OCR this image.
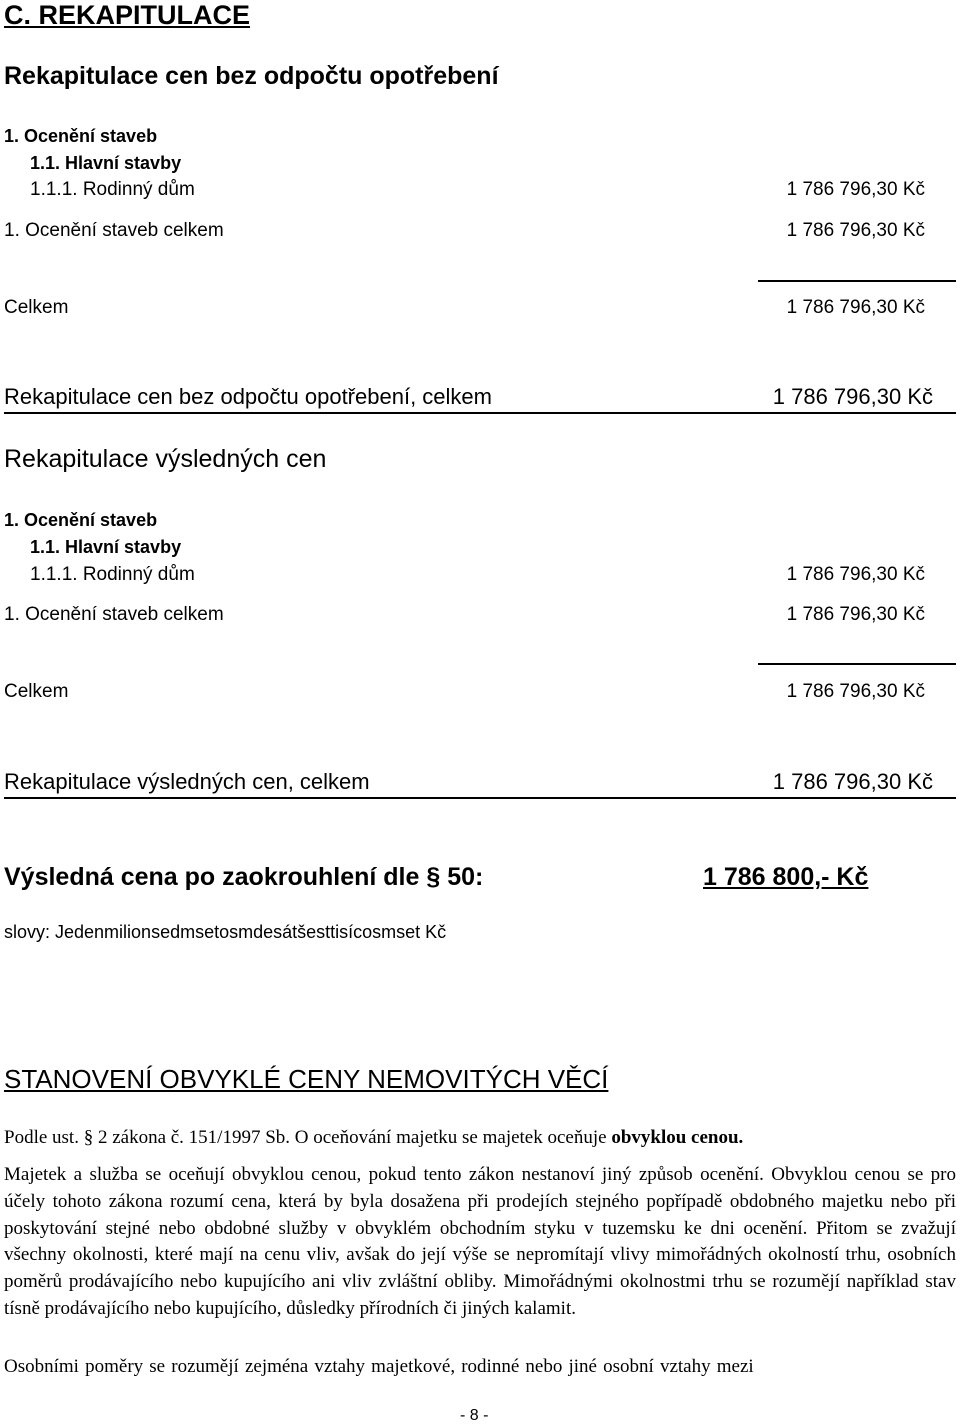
C. REKAPITULACE
Rekapitulace cen bez odpočtu opotřebení
1. Ocenění staveb
1.1. Hlavní stavby
1.1.1. Rodinný dům	1 786 796,30 Kč
1. Ocenění staveb celkem	1 786 796,30 Kč
Celkem	1 786 796,30 Kč
Rekapitulace cen bez odpočtu opotřebení, celkem	1 786 796,30 Kč
Rekapitulace výsledných cen
1. Ocenění staveb
1.1. Hlavní stavby
1.1.1. Rodinný dům	1 786 796,30 Kč
1. Ocenění staveb celkem	1 786 796,30 Kč
Celkem	1 786 796,30 Kč
Rekapitulace výsledných cen, celkem	1 786 796,30 Kč
Výsledná cena po zaokrouhlení dle § 50:	1 786 800,- Kč
slovy: Jedenmilionsedmsetosmdesátšesttisícosmset Kč
STANOVENÍ OBVYKLÉ CENY NEMOVITÝCH VĚCÍ
Podle ust. § 2 zákona č. 151/1997 Sb. O oceňování majetku se majetek oceňuje obvyklou cenou.
Majetek a služba se oceňují obvyklou cenou, pokud tento zákon nestanoví jiný způsob ocenění. Obvyklou cenou se pro účely tohoto zákona rozumí cena, která by byla dosažena při prodejích stejného popřípadě obdobného majetku nebo při poskytování stejné nebo obdobné služby v obvyklém obchodním styku v tuzemsku ke dni ocenění. Přitom se zvažují všechny okolnosti, které mají na cenu vliv, avšak do její výše se nepromítají vlivy mimořádných okolností trhu, osobních poměrů prodávajícího nebo kupujícího ani vliv zvláštní obliby. Mimořádnými okolnostmi trhu se rozumějí například stav tísně prodávajícího nebo kupujícího, důsledky přírodních či jiných kalamit.
Osobními poměry se rozumějí zejména vztahy majetkové, rodinné nebo jiné osobní vztahy mezi
- 8 -
